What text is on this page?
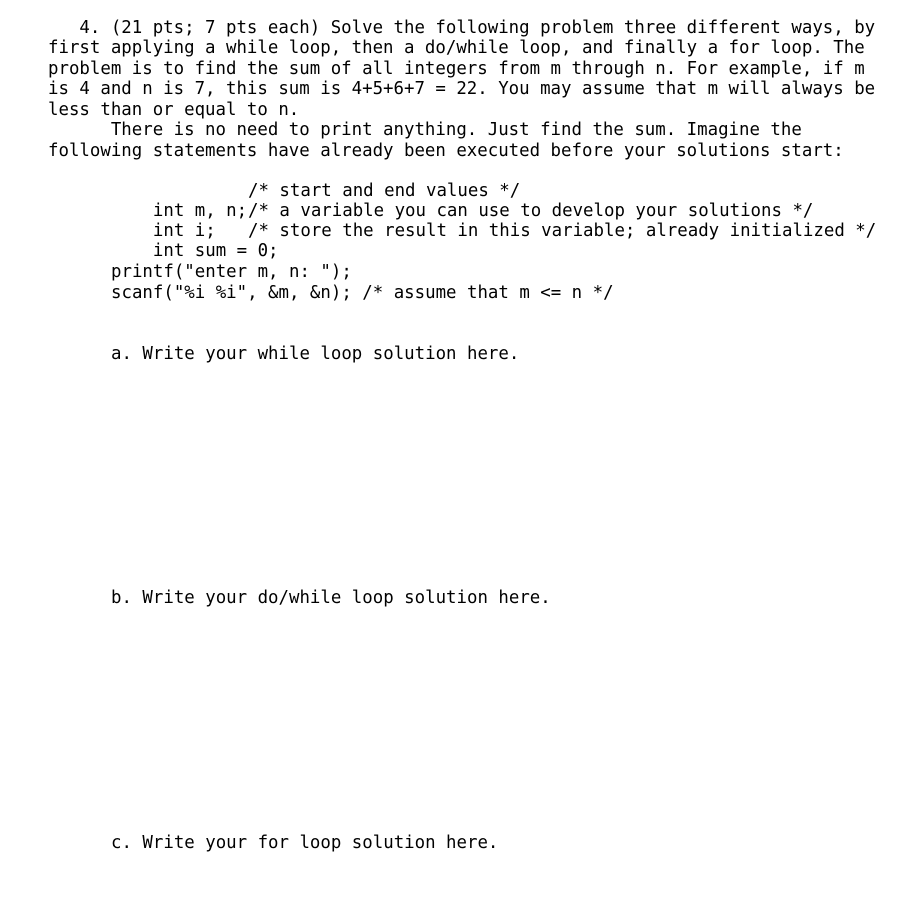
4. (21 pts; 7 pts each) Solve the following problem three different ways, by

first applying a while loop, then a do/while loop, and finally a for loop. The

problem is to find the sum of all integers from m through n. For example, if m

is 4 and n is 7, this sum is 4+5+6+7 = 22. You may assume that m will always be

less than or equal to n.

There is no need to print anything. Just find the sum. Imagine the

following statements have already been executed before your solutions start:

int m, n;

/* start and end values */

int i;

/* a variable you can use to develop your solutions */

int sum = 0;

/* store the result in this variable; already initialized */

printf("enter m, n: ");

scanf("%i %i", &m, &n); /* assume that m <= n */

a. Write your while loop solution here.

b. Write your do/while loop solution here.

c. Write your for loop solution here.
